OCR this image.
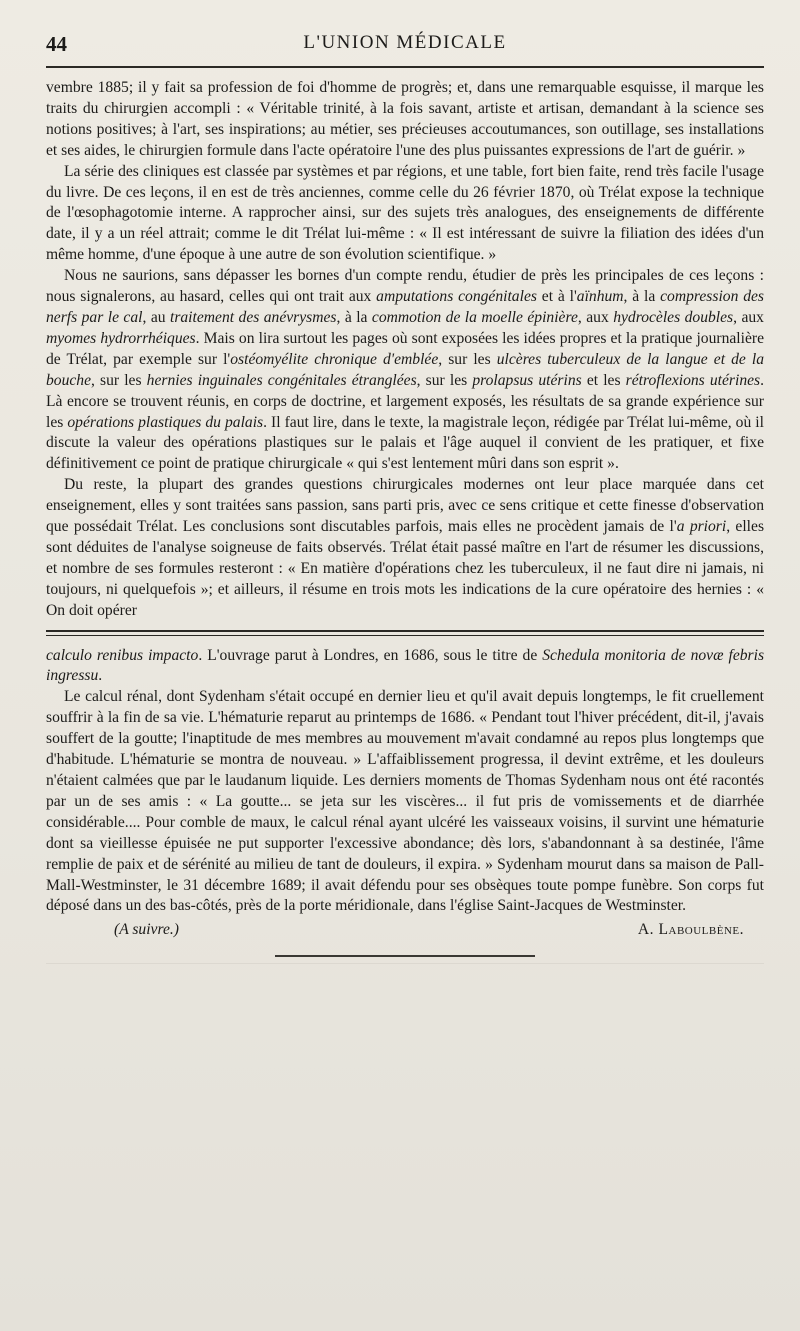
44	L'UNION MÉDICALE

vembre 1885; il y fait sa profession de foi d'homme de progrès; et, dans une remarquable esquisse, il marque les traits du chirurgien accompli : « Véritable trinité, à la fois savant, artiste et artisan, demandant à la science ses notions positives; à l'art, ses inspirations; au métier, ses précieuses accoutumances, son outillage, ses installations et ses aides, le chirurgien formule dans l'acte opératoire l'une des plus puissantes expressions de l'art de guérir. »

La série des cliniques est classée par systèmes et par régions, et une table, fort bien faite, rend très facile l'usage du livre. De ces leçons, il en est de très anciennes, comme celle du 26 février 1870, où Trélat expose la technique de l'œsophagotomie interne. A rapprocher ainsi, sur des sujets très analogues, des enseignements de différente date, il y a un réel attrait; comme le dit Trélat lui-même : « Il est intéressant de suivre la filiation des idées d'un même homme, d'une époque à une autre de son évolution scientifique. »

Nous ne saurions, sans dépasser les bornes d'un compte rendu, étudier de près les principales de ces leçons : nous signalerons, au hasard, celles qui ont trait aux amputations congénitales et à l'aïnhum, à la compression des nerfs par le cal, au traitement des anévrysmes, à la commotion de la moelle épinière, aux hydrocèles doubles, aux myomes hydrorrhéiques. Mais on lira surtout les pages où sont exposées les idées propres et la pratique journalière de Trélat, par exemple sur l'ostéomyélite chronique d'emblée, sur les ulcères tuberculeux de la langue et de la bouche, sur les hernies inguinales congénitales étranglées, sur les prolapsus utérins et les rétroflexions utérines. Là encore se trouvent réunis, en corps de doctrine, et largement exposés, les résultats de sa grande expérience sur les opérations plastiques du palais. Il faut lire, dans le texte, la magistrale leçon, rédigée par Trélat lui-même, où il discute la valeur des opérations plastiques sur le palais et l'âge auquel il convient de les pratiquer, et fixe définitivement ce point de pratique chirurgicale « qui s'est lentement mûri dans son esprit ».

Du reste, la plupart des grandes questions chirurgicales modernes ont leur place marquée dans cet enseignement, elles y sont traitées sans passion, sans parti pris, avec ce sens critique et cette finesse d'observation que possédait Trélat. Les conclusions sont discutables parfois, mais elles ne procèdent jamais de l'a priori, elles sont déduites de l'analyse soigneuse de faits observés. Trélat était passé maître en l'art de résumer les discussions, et nombre de ses formules resteront : « En matière d'opérations chez les tuberculeux, il ne faut dire ni jamais, ni toujours, ni quelquefois »; et ailleurs, il résume en trois mots les indications de la cure opératoire des hernies : « On doit opérer

calculo renibus impacto. L'ouvrage parut à Londres, en 1686, sous le titre de Schedula monitoria de novæ febris ingressu.

Le calcul rénal, dont Sydenham s'était occupé en dernier lieu et qu'il avait depuis longtemps, le fit cruellement souffrir à la fin de sa vie. L'hématurie reparut au printemps de 1686. « Pendant tout l'hiver précédent, dit-il, j'avais souffert de la goutte; l'inaptitude de mes membres au mouvement m'avait condamné au repos plus longtemps que d'habitude. L'hématurie se montra de nouveau. » L'affaiblissement progressa, il devint extrême, et les douleurs n'étaient calmées que par le laudanum liquide. Les derniers moments de Thomas Sydenham nous ont été racontés par un de ses amis : « La goutte... se jeta sur les viscères... il fut pris de vomissements et de diarrhée considérable.... Pour comble de maux, le calcul rénal ayant ulcéré les vaisseaux voisins, il survint une hématurie dont sa vieillesse épuisée ne put supporter l'excessive abondance; dès lors, s'abandonnant à sa destinée, l'âme remplie de paix et de sérénité au milieu de tant de douleurs, il expira. » Sydenham mourut dans sa maison de Pall-Mall-Westminster, le 31 décembre 1689; il avait défendu pour ses obsèques toute pompe funèbre. Son corps fut déposé dans un des bas-côtés, près de la porte méridionale, dans l'église Saint-Jacques de Westminster.

(A suivre.)	A. Laboulbène.
